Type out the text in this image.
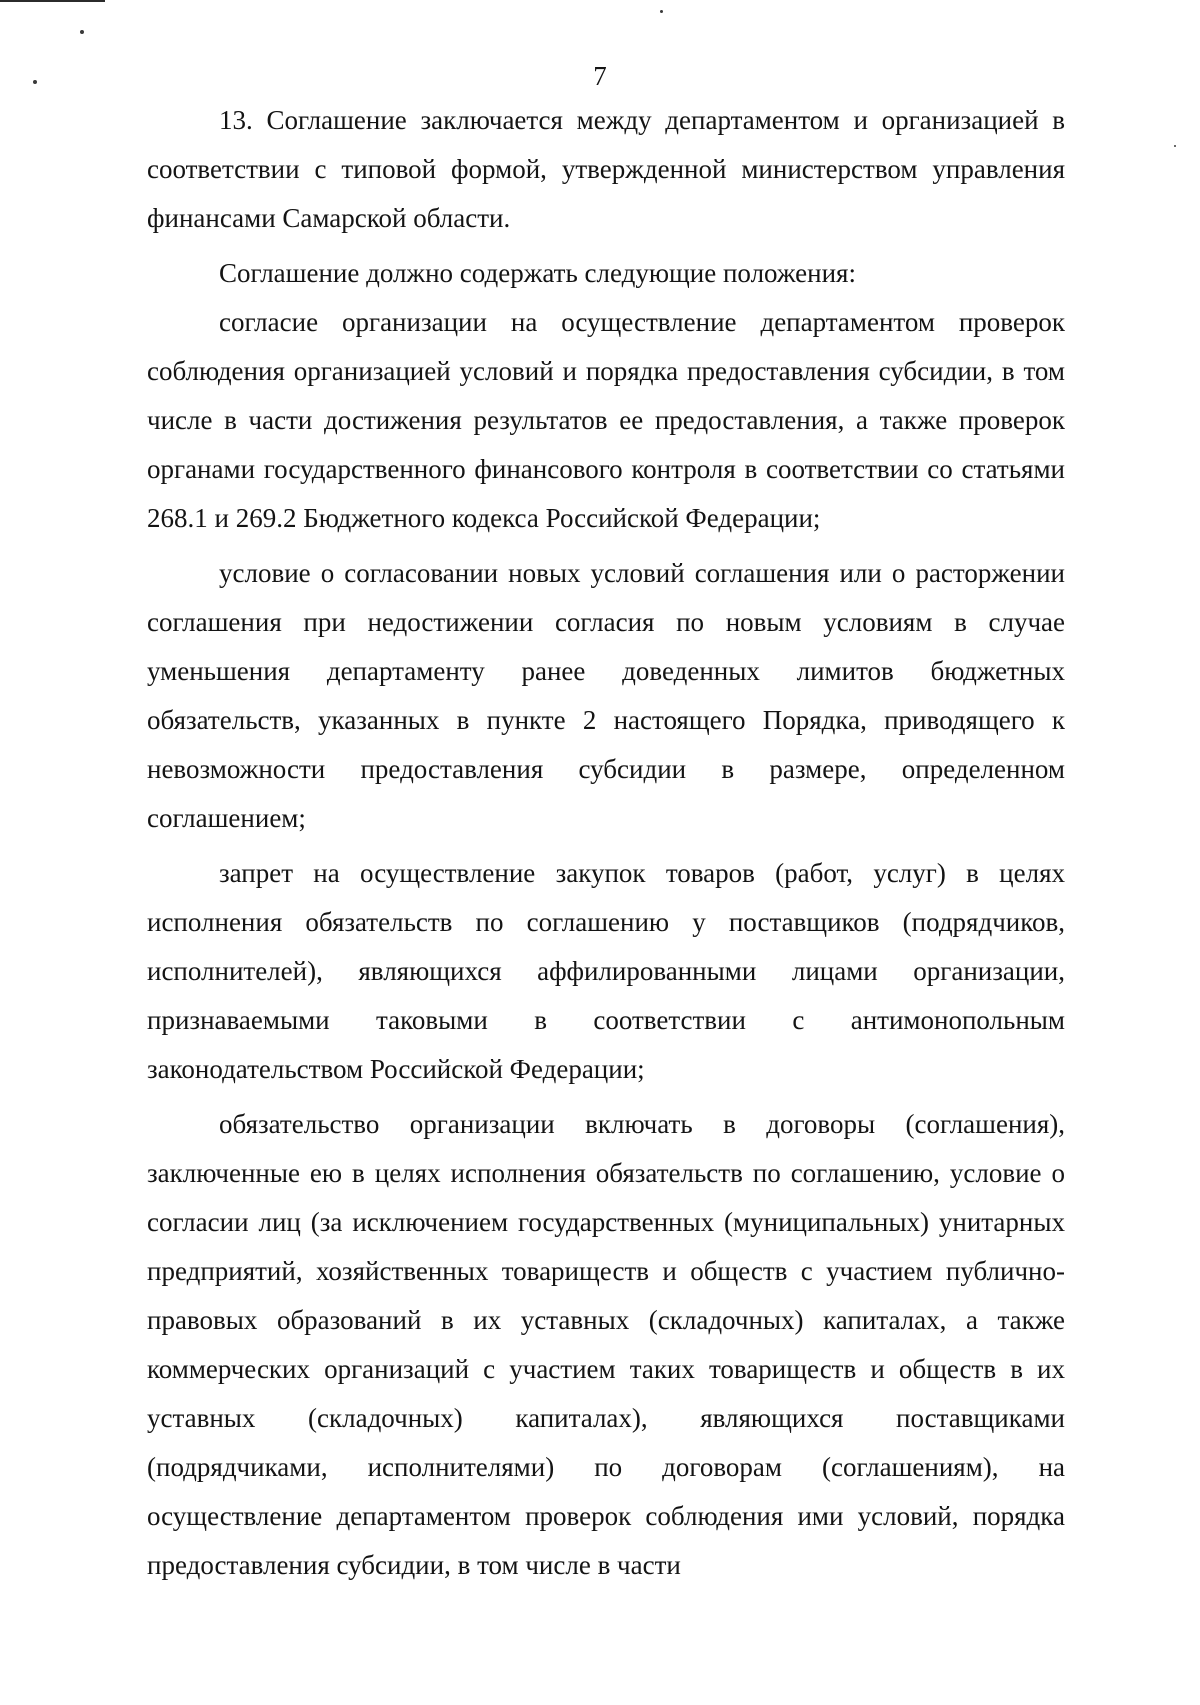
7

13. Соглашение заключается между департаментом и организацией в соответствии с типовой формой, утвержденной министерством управления финансами Самарской области.

Соглашение должно содержать следующие положения:

согласие организации на осуществление департаментом проверок соблюдения организацией условий и порядка предоставления субсидии, в том числе в части достижения результатов ее предоставления, а также проверок органами государственного финансового контроля в соответствии со статьями 268.1 и 269.2 Бюджетного кодекса Российской Федерации;

условие о согласовании новых условий соглашения или о расторжении соглашения при недостижении согласия по новым условиям в случае уменьшения департаменту ранее доведенных лимитов бюджетных обязательств, указанных в пункте 2 настоящего Порядка, приводящего к невозможности предоставления субсидии в размере, определенном соглашением;

запрет на осуществление закупок товаров (работ, услуг) в целях исполнения обязательств по соглашению у поставщиков (подрядчиков, исполнителей), являющихся аффилированными лицами организации, признаваемыми таковыми в соответствии с антимонопольным законодательством Российской Федерации;

обязательство организации включать в договоры (соглашения), заключенные ею в целях исполнения обязательств по соглашению, условие о согласии лиц (за исключением государственных (муниципальных) унитарных предприятий, хозяйственных товариществ и обществ с участием публично-правовых образований в их уставных (складочных) капиталах, а также коммерческих организаций с участием таких товариществ и обществ в их уставных (складочных) капиталах), являющихся поставщиками (подрядчиками, исполнителями) по договорам (соглашениям), на осуществление департаментом проверок соблюдения ими условий, порядка предоставления субсидии, в том числе в части
